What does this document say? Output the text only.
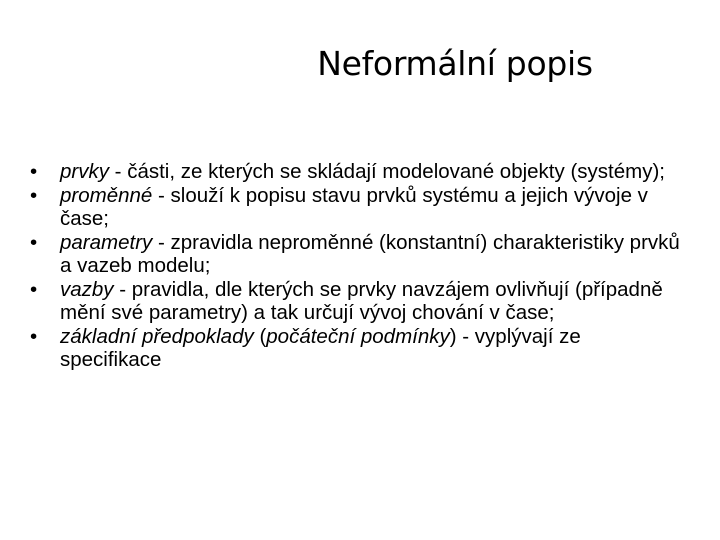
Neformální popis
•	prvky - části, ze kterých se skládají modelované objekty (systémy);
•	proměnné - slouží k popisu stavu prvků systému a jejich vývoje v čase;
•	parametry - zpravidla neproměnné (konstantní) charakteristiky prvků a vazeb modelu;
•	vazby - pravidla, dle kterých se prvky navzájem ovlivňují (případně mění své parametry) a tak určují vývoj chování v čase;
•	základní předpoklady (počáteční podmínky) - vyplývají ze specifikace
